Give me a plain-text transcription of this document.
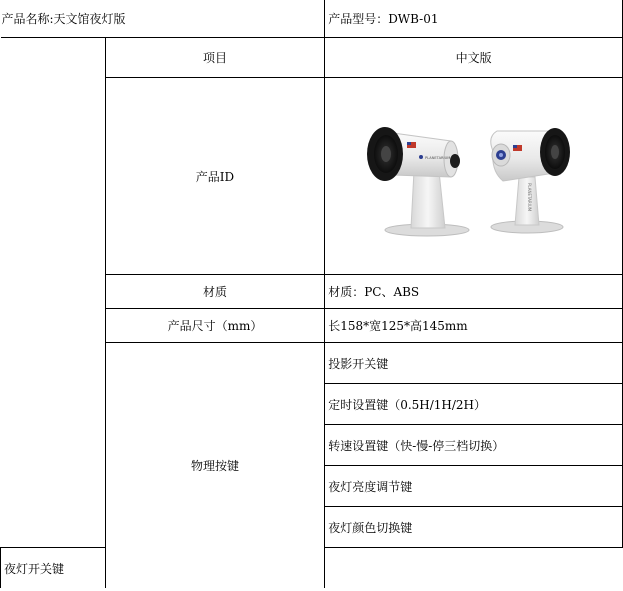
产品名称:天文馆夜灯版		产品型号：DWB-01
	项目	中文版
	产品ID	PLANETARIUM
PLANETARIUM

	材质	材质：PC、ABS
	产品尺寸（mm）	长158*宽125*高145mm
	物理按键	投影开关键
		定时设置键（0.5H/1H/2H）
		转速设置键（快-慢-停三档切换）
		夜灯亮度调节键
		夜灯颜色切换键
夜灯开关键		
